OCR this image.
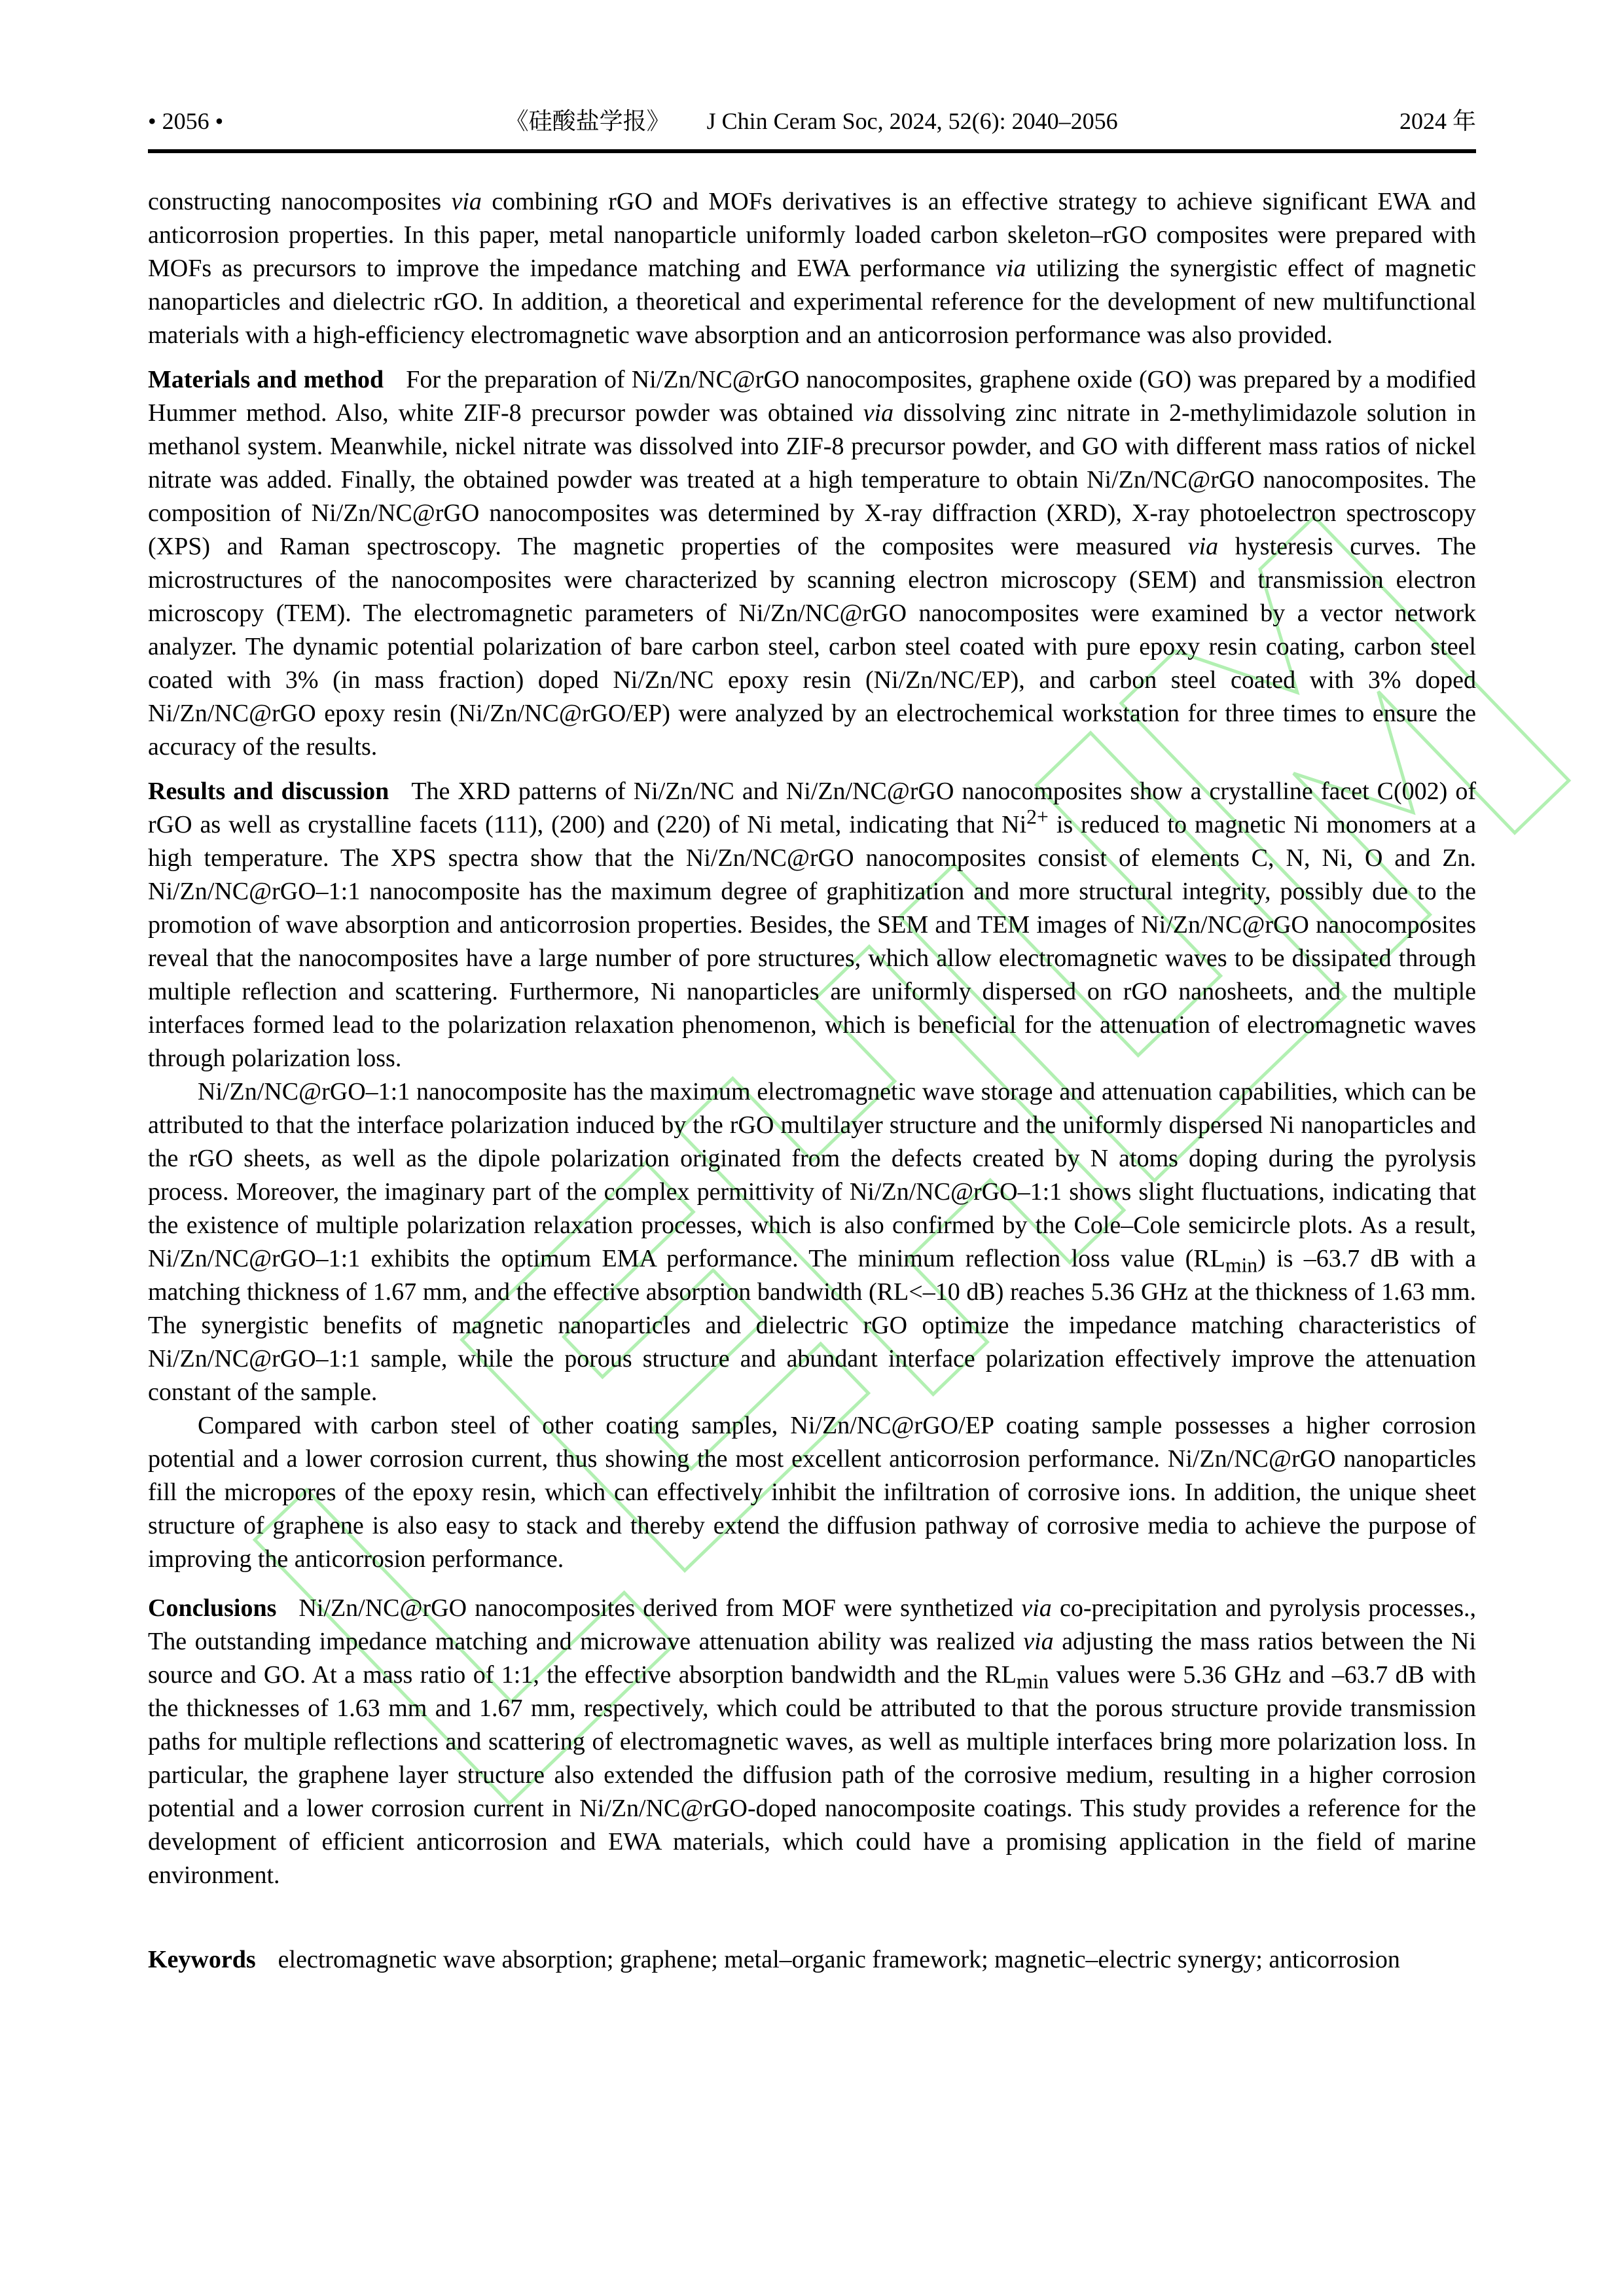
• 2056 •	《硅酸盐学报》 J Chin Ceram Soc, 2024, 52(6): 2040–2056	2024 年

constructing nanocomposites via combining rGO and MOFs derivatives is an effective strategy to achieve significant EWA and anticorrosion properties. In this paper, metal nanoparticle uniformly loaded carbon skeleton–rGO composites were prepared with MOFs as precursors to improve the impedance matching and EWA performance via utilizing the synergistic effect of magnetic nanoparticles and dielectric rGO. In addition, a theoretical and experimental reference for the development of new multifunctional materials with a high-efficiency electromagnetic wave absorption and an anticorrosion performance was also provided.

Materials and method For the preparation of Ni/Zn/NC@rGO nanocomposites, graphene oxide (GO) was prepared by a modified Hummer method. Also, white ZIF-8 precursor powder was obtained via dissolving zinc nitrate in 2-methylimidazole solution in methanol system. Meanwhile, nickel nitrate was dissolved into ZIF-8 precursor powder, and GO with different mass ratios of nickel nitrate was added. Finally, the obtained powder was treated at a high temperature to obtain Ni/Zn/NC@rGO nanocomposites. The composition of Ni/Zn/NC@rGO nanocomposites was determined by X-ray diffraction (XRD), X-ray photoelectron spectroscopy (XPS) and Raman spectroscopy. The magnetic properties of the composites were measured via hysteresis curves. The microstructures of the nanocomposites were characterized by scanning electron microscopy (SEM) and transmission electron microscopy (TEM). The electromagnetic parameters of Ni/Zn/NC@rGO nanocomposites were examined by a vector network analyzer. The dynamic potential polarization of bare carbon steel, carbon steel coated with pure epoxy resin coating, carbon steel coated with 3% (in mass fraction) doped Ni/Zn/NC epoxy resin (Ni/Zn/NC/EP), and carbon steel coated with 3% doped Ni/Zn/NC@rGO epoxy resin (Ni/Zn/NC@rGO/EP) were analyzed by an electrochemical workstation for three times to ensure the accuracy of the results.

Results and discussion The XRD patterns of Ni/Zn/NC and Ni/Zn/NC@rGO nanocomposites show a crystalline facet C(002) of rGO as well as crystalline facets (111), (200) and (220) of Ni metal, indicating that $Ni^{2+}$ is reduced to magnetic Ni monomers at a high temperature. The XPS spectra show that the Ni/Zn/NC@rGO nanocomposites consist of elements C, N, Ni, O and Zn. Ni/Zn/NC@rGO–1:1 nanocomposite has the maximum degree of graphitization and more structural integrity, possibly due to the promotion of wave absorption and anticorrosion properties. Besides, the SEM and TEM images of Ni/Zn/NC@rGO nanocomposites reveal that the nanocomposites have a large number of pore structures, which allow electromagnetic waves to be dissipated through multiple reflection and scattering. Furthermore, Ni nanoparticles are uniformly dispersed on rGO nanosheets, and the multiple interfaces formed lead to the polarization relaxation phenomenon, which is beneficial for the attenuation of electromagnetic waves through polarization loss.

Ni/Zn/NC@rGO–1:1 nanocomposite has the maximum electromagnetic wave storage and attenuation capabilities, which can be attributed to that the interface polarization induced by the rGO multilayer structure and the uniformly dispersed Ni nanoparticles and the rGO sheets, as well as the dipole polarization originated from the defects created by N atoms doping during the pyrolysis process. Moreover, the imaginary part of the complex permittivity of Ni/Zn/NC@rGO–1:1 shows slight fluctuations, indicating that the existence of multiple polarization relaxation processes, which is also confirmed by the Cole–Cole semicircle plots. As a result, Ni/Zn/NC@rGO–1:1 exhibits the optimum EMA performance. The minimum reflection loss value $(RL_{min})$ is –63.7 dB with a matching thickness of 1.67 mm, and the effective absorption bandwidth (RL<–10 dB) reaches 5.36 GHz at the thickness of 1.63 mm. The synergistic benefits of magnetic nanoparticles and dielectric rGO optimize the impedance matching characteristics of Ni/Zn/NC@rGO–1:1 sample, while the porous structure and abundant interface polarization effectively improve the attenuation constant of the sample.

Compared with carbon steel of other coating samples, Ni/Zn/NC@rGO/EP coating sample possesses a higher corrosion potential and a lower corrosion current, thus showing the most excellent anticorrosion performance. Ni/Zn/NC@rGO nanoparticles fill the micropores of the epoxy resin, which can effectively inhibit the infiltration of corrosive ions. In addition, the unique sheet structure of graphene is also easy to stack and thereby extend the diffusion pathway of corrosive media to achieve the purpose of improving the anticorrosion performance.

Conclusions Ni/Zn/NC@rGO nanocomposites derived from MOF were synthetized via co-precipitation and pyrolysis processes., The outstanding impedance matching and microwave attenuation ability was realized via adjusting the mass ratios between the Ni source and GO. At a mass ratio of 1:1, the effective absorption bandwidth and the $RL_{min}$ values were 5.36 GHz and –63.7 dB with the thicknesses of 1.63 mm and 1.67 mm, respectively, which could be attributed to that the porous structure provide transmission paths for multiple reflections and scattering of electromagnetic waves, as well as multiple interfaces bring more polarization loss. In particular, the graphene layer structure also extended the diffusion path of the corrosive medium, resulting in a higher corrosion potential and a lower corrosion current in Ni/Zn/NC@rGO-doped nanocomposite coatings. This study provides a reference for the development of efficient anticorrosion and EWA materials, which could have a promising application in the field of marine environment.

Keywords electromagnetic wave absorption; graphene; metal–organic framework; magnetic–electric synergy; anticorrosion
